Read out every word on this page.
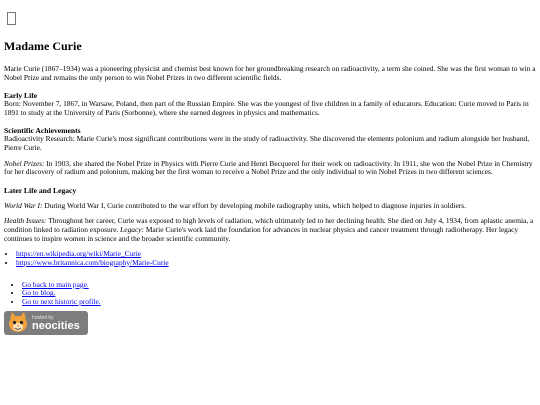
Madame Curie

Marie Curie (1867–1934) was a pioneering physicist and chemist best known for her groundbreaking research on radioactivity, a term she coined. She was the first woman to win a Nobel Prize and remains the only person to win Nobel Prizes in two different scientific fields.

Early Life

Born: November 7, 1867, in Warsaw, Poland, then part of the Russian Empire. She was the youngest of five children in a family of educators. Education: Curie moved to Paris in 1891 to study at the University of Paris (Sorbonne), where she earned degrees in physics and mathematics.

Scientific Achievements

Radioactivity Research: Marie Curie's most significant contributions were in the study of radioactivity. She discovered the elements polonium and radium alongside her husband, Pierre Curie.

Nobel Prizes: In 1903, she shared the Nobel Prize in Physics with Pierre Curie and Henri Becquerel for their work on radioactivity. In 1911, she won the Nobel Prize in Chemistry for her discovery of radium and polonium, making her the first woman to receive a Nobel Prize and the only individual to win Nobel Prizes in two different sciences.

Later Life and Legacy

World War I: During World War I, Curie contributed to the war effort by developing mobile radiography units, which helped to diagnose injuries in soldiers.

Health Issues: Throughout her career, Curie was exposed to high levels of radiation, which ultimately led to her declining health. She died on July 4, 1934, from aplastic anemia, a condition linked to radiation exposure. Legacy: Marie Curie's work laid the foundation for advances in nuclear physics and cancer treatment through radiotherapy. Her legacy continues to inspire women in science and the broader scientific community.

• https://en.wikipedia.org/wiki/Marie_Curie
• https://www.britannica.com/biography/Marie-Curie
• Go back to main page.
• Go to blog.
• Go to next historic profile.
hosted by
neocities
